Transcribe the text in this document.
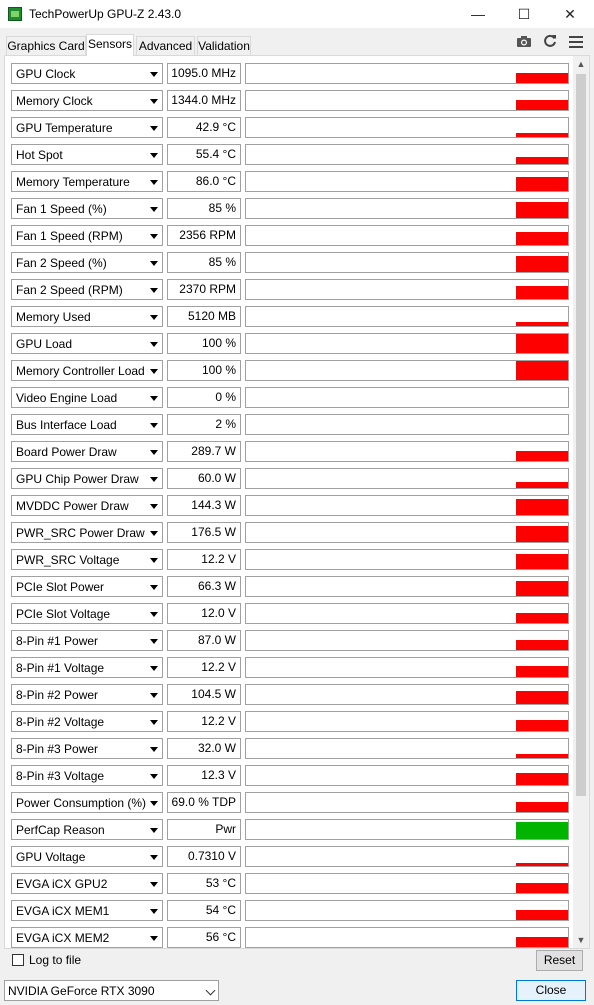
TechPowerUp GPU-Z 2.43.0	—	☐	✕
Graphics Card Sensors Advanced Validation
GPU Clock	1095.0 MHz
Memory Clock	1344.0 MHz
GPU Temperature	42.9 °C
Hot Spot	55.4 °C
Memory Temperature	86.0 °C
Fan 1 Speed (%)	85 %
Fan 1 Speed (RPM)	2356 RPM
Fan 2 Speed (%)	85 %
Fan 2 Speed (RPM)	2370 RPM
Memory Used	5120 MB
GPU Load	100 %
Memory Controller Load	100 %
Video Engine Load	0 %
Bus Interface Load	2 %
Board Power Draw	289.7 W
GPU Chip Power Draw	60.0 W
MVDDC Power Draw	144.3 W
PWR_SRC Power Draw	176.5 W
PWR_SRC Voltage	12.2 V
PCIe Slot Power	66.3 W
PCIe Slot Voltage	12.0 V
8-Pin #1 Power	87.0 W
8-Pin #1 Voltage	12.2 V
8-Pin #2 Power	104.5 W
8-Pin #2 Voltage	12.2 V
8-Pin #3 Power	32.0 W
8-Pin #3 Voltage	12.3 V
Power Consumption (%)	69.0 % TDP
PerfCap Reason	Pwr
GPU Voltage	0.7310 V
EVGA iCX GPU2	53 °C
EVGA iCX MEM1	54 °C
EVGA iCX MEM2	56 °C
▲
▼
Log to file	Reset
NVIDIA GeForce RTX 3090	Close
